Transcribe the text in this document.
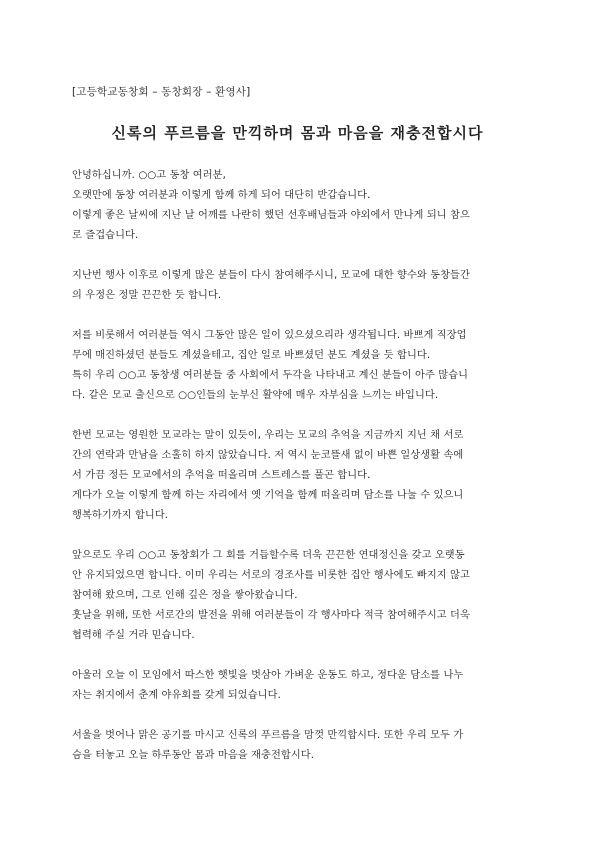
[고등학교동창회 – 동창회장 – 환영사]
신록의 푸르름을 만끽하며 몸과 마음을 재충전합시다
안녕하십니까. ○○고 동창 여러분,
오랫만에 동창 여러분과 이렇게 함께 하게 되어 대단히 반갑습니다.
이렇게 좋은 날씨에 지난 날 어깨를 나란히 했던 선후배님들과 야외에서 만나게 되니 참으
로 즐겁습니다.
지난번 행사 이후로 이렇게 많은 분들이 다시 참여해주시니, 모교에 대한 향수와 동창들간
의 우정은 정말 끈끈한 듯 합니다.
저를 비롯해서 여러분들 역시 그동안 많은 일이 있으셨으리라 생각됩니다. 바쁘게 직장업
무에 매진하셨던 분들도 계셨을테고, 집안 일로 바쁘셨던 분도 계셨을 듯 합니다.
특히 우리 ○○고 동창생 여러분들 중 사회에서 두각을 나타내고 계신 분들이 아주 많습니
다. 같은 모교 출신으로 ○○인들의 눈부신 활약에 매우 자부심을 느끼는 바입니다.
한번 모교는 영원한 모교라는 말이 있듯이, 우리는 모교의 추억을 지금까지 지닌 채 서로
간의 연락과 만남을 소홀히 하지 않았습니다. 저 역시 눈코뜰새 없이 바쁜 일상생활 속에
서 가끔 정든 모교에서의 추억을 떠올리며 스트레스를 풀곤 합니다.
게다가 오늘 이렇게 함께 하는 자리에서 옛 기억을 함께 떠올리며 담소를 나눌 수 있으니
행복하기까지 합니다.
앞으로도 우리 ○○고 동창회가 그 회를 거듭할수록 더욱 끈끈한 연대정신을 갖고 오랫동
안 유지되었으면 합니다. 이미 우리는 서로의 경조사를 비롯한 집안 행사에도 빠지지 않고
참여해 왔으며, 그로 인해 깊은 정을 쌓아왔습니다.
훗날을 위해, 또한 서로간의 발전을 위해 여러분들이 각 행사마다 적극 참여해주시고 더욱
협력해 주실 거라 믿습니다.
아울러 오늘 이 모임에서 따스한 햇빛을 벗삼아 가벼운 운동도 하고, 정다운 담소를 나누
자는 취지에서 춘계 야유회를 갖게 되었습니다.
서울을 벗어나 맑은 공기를 마시고 신록의 푸르름을 맘껏 만끽합시다. 또한 우리 모두 가
슴을 터놓고 오늘 하루동안 몸과 마음을 재충전합시다.
